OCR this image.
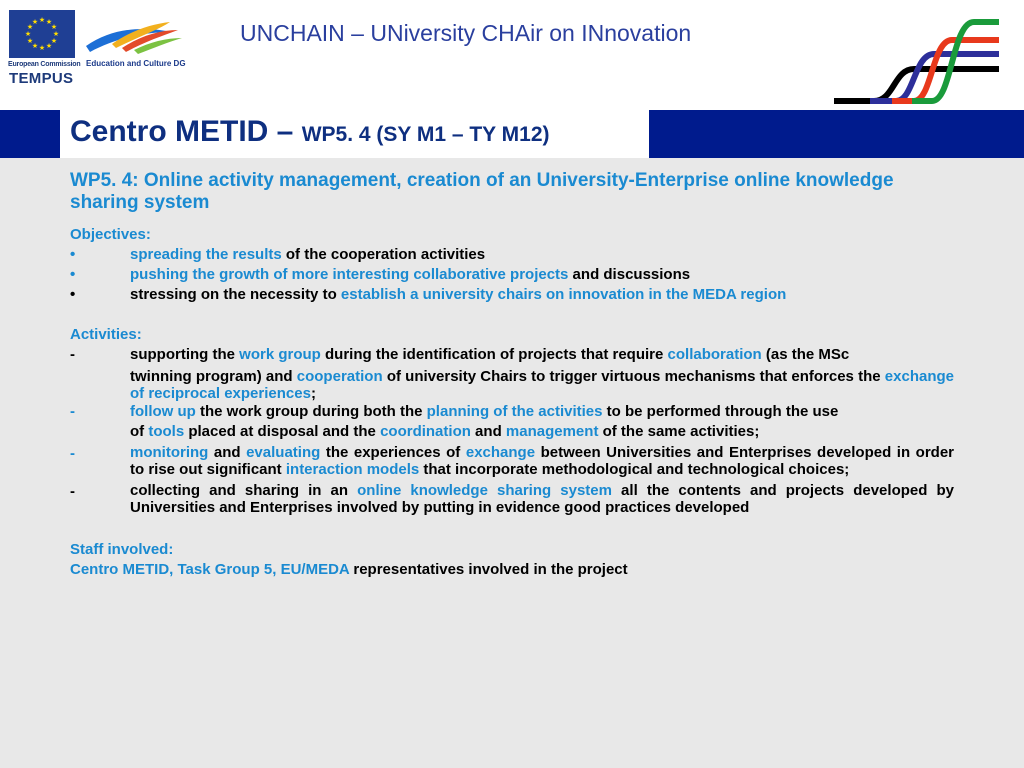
★ ★
★
★
★
★
★
★
★
★
★
★
European Commission
TEMPUS
Education and Culture DG
UNCHAIN – UNiversity CHAir on INnovation
Centro METID – WP5. 4 (SY M1 – TY M12)
WP5. 4: Online activity management, creation of an University-Enterprise online knowledge sharing system
Objectives:
•	spreading the results of the cooperation activities
•	pushing the growth of more interesting collaborative projects and discussions
•	stressing on the necessity to establish a university chairs on innovation in the MEDA region
Activities:
-	supporting the work group during the identification of projects that require collaboration (as the MSc
twinning program) and cooperation of university Chairs to trigger virtuous mechanisms that enforces the exchange of reciprocal experiences;
-	follow up the work group during both the planning of the activities to be performed through the use
of tools placed at disposal and the coordination and management of the same activities;
-	monitoring and evaluating the experiences of exchange between Universities and Enterprises developed in order to rise out significant interaction models that incorporate methodological and technological choices;
-	collecting and sharing in an online knowledge sharing system all the contents and projects developed by Universities and Enterprises involved by putting in evidence good practices developed
Staff involved:
Centro METID, Task Group 5, EU/MEDA representatives involved in the project
